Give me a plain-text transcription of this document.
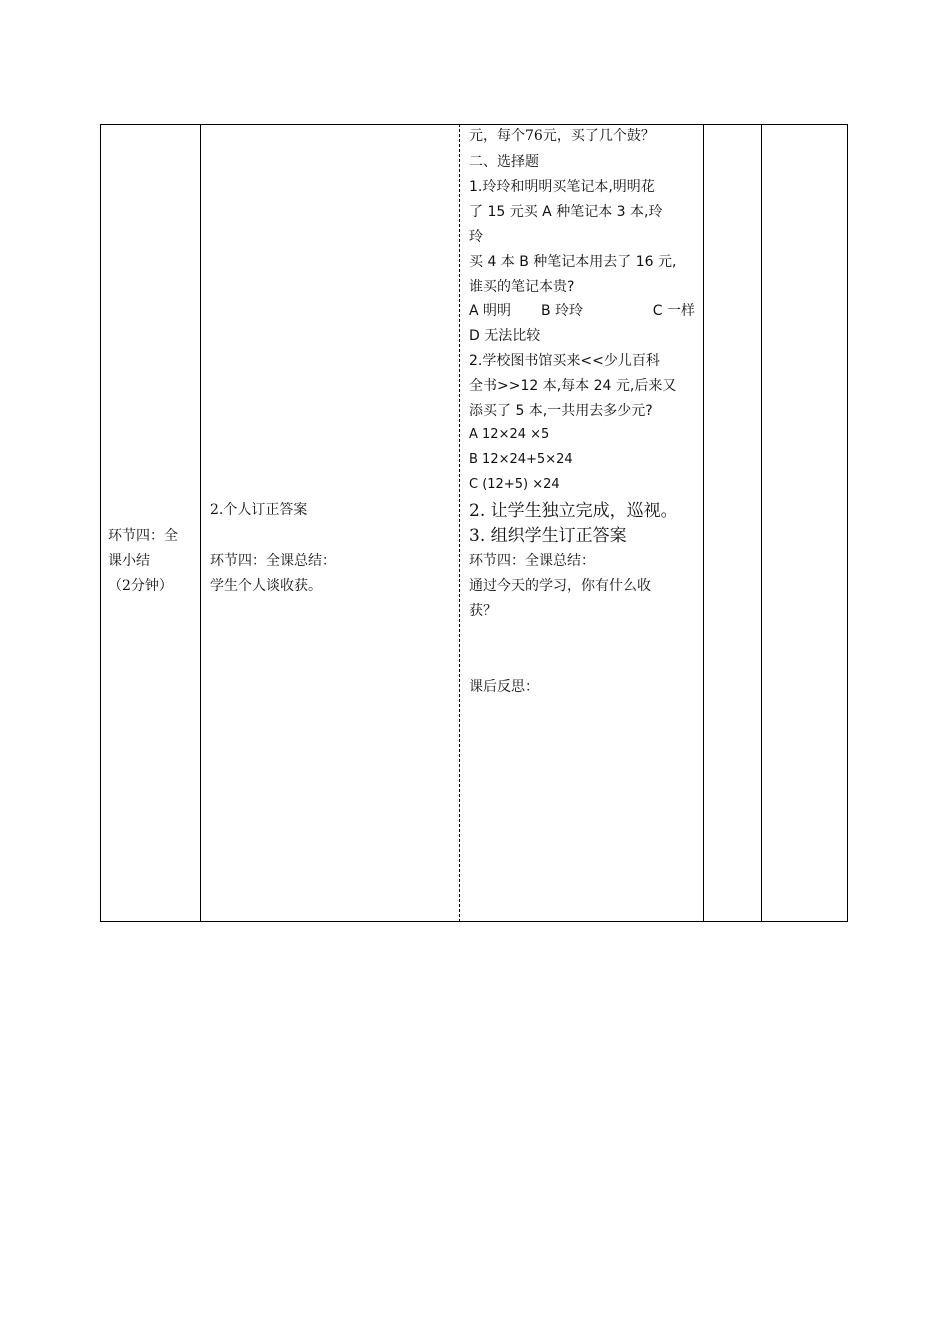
环节四：全
课小结
（2分钟）
2.个人订正答案
环节四：全课总结：
学生个人谈收获。
元，每个76元，买了几个鼓？
二、选择题
1.玲玲和明明买笔记本,明明花
了 15 元买 A 种笔记本 3 本,玲
玲
买 4 本 B 种笔记本用去了 16 元,
谁买的笔记本贵?
A 明明	B 玲玲	C 一样
D 无法比较
2.学校图书馆买来<<少儿百科
全书>>12 本,每本 24 元,后来又
添买了 5 本,一共用去多少元?
A 12×24 ×5
B 12×24+5×24
C (12+5) ×24
2. 让学生独立完成，巡视。
3. 组织学生订正答案
环节四：全课总结：
通过今天的学习，你有什么收
获？
课后反思：
